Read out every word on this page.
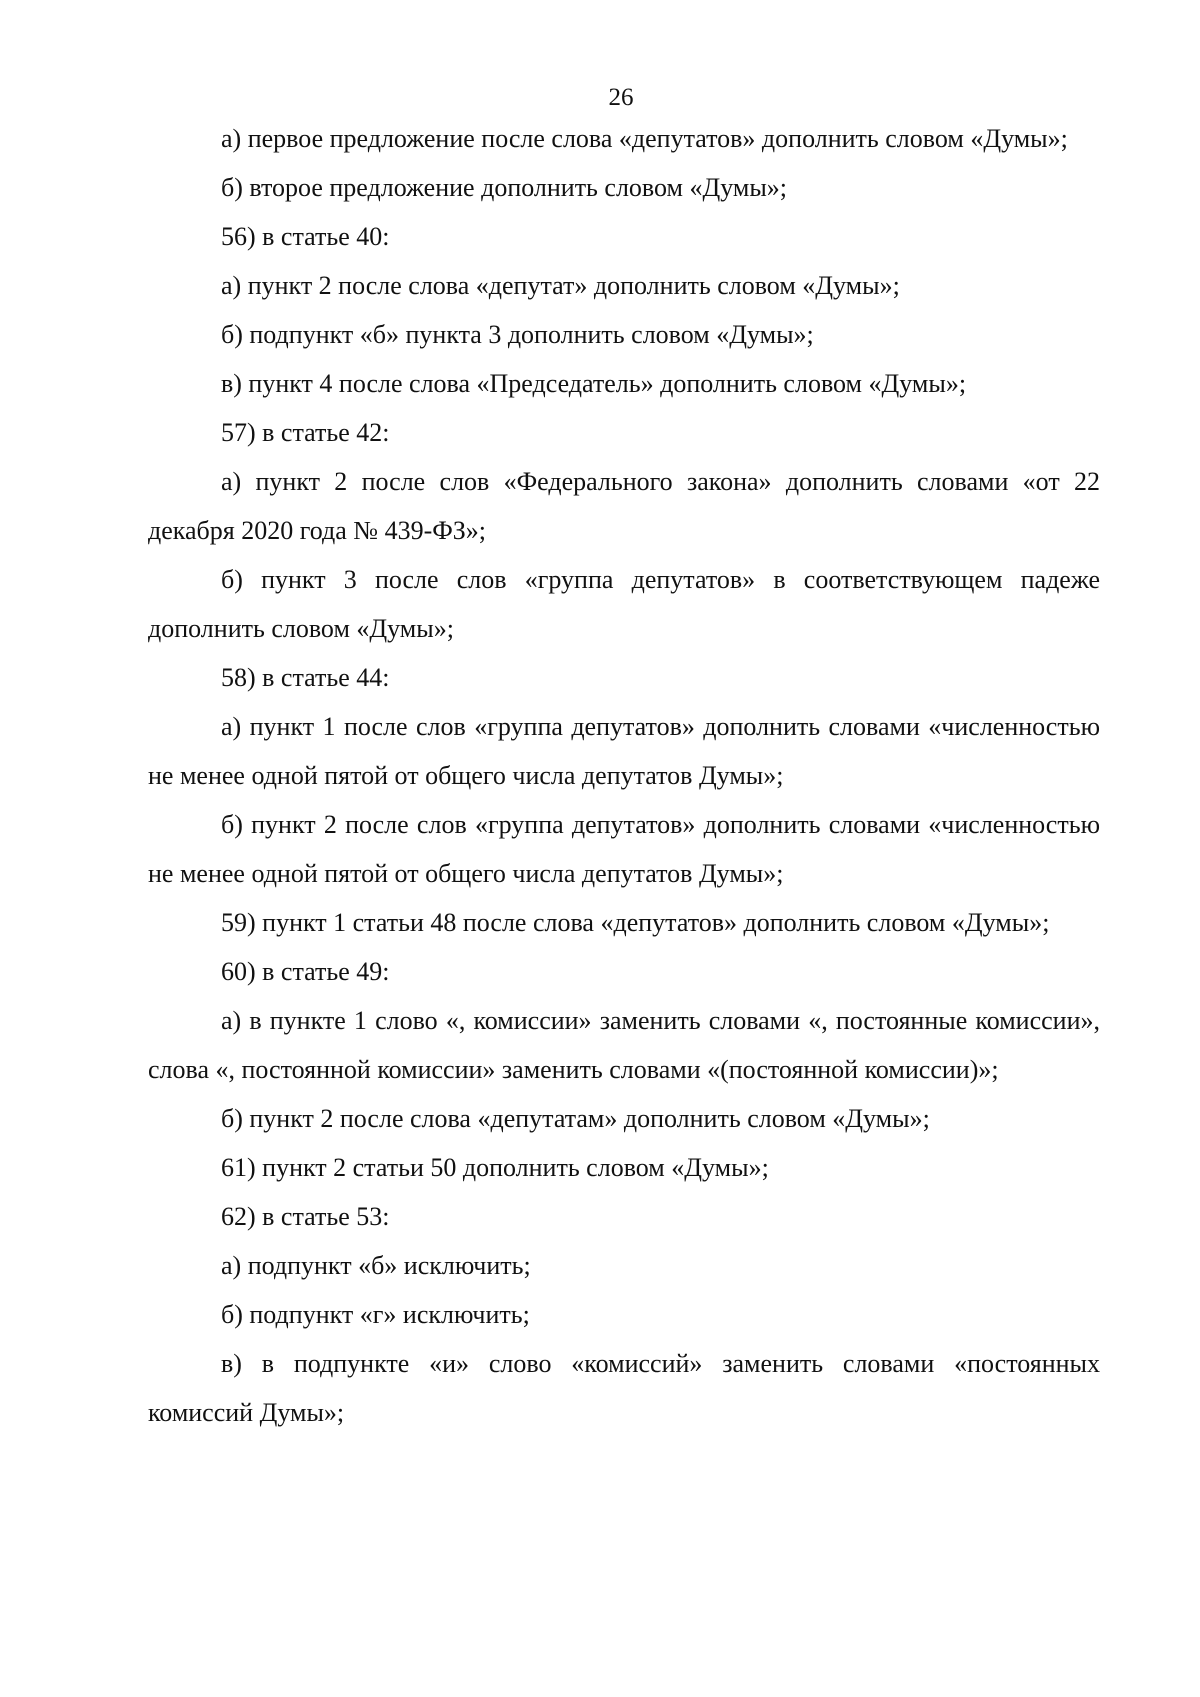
26

а) первое предложение после слова «депутатов» дополнить словом «Думы»;

б) второе предложение дополнить словом «Думы»;

56) в статье 40:

а) пункт 2 после слова «депутат» дополнить словом «Думы»;

б) подпункт «б» пункта 3 дополнить словом «Думы»;

в) пункт 4 после слова «Председатель» дополнить словом «Думы»;

57) в статье 42:

а) пункт 2 после слов «Федерального закона» дополнить словами «от 22 декабря 2020 года № 439-ФЗ»;

б) пункт 3 после слов «группа депутатов» в соответствующем падеже дополнить словом «Думы»;

58) в статье 44:

а) пункт 1 после слов «группа депутатов» дополнить словами «численностью не менее одной пятой от общего числа депутатов Думы»;

б) пункт 2 после слов «группа депутатов» дополнить словами «численностью не менее одной пятой от общего числа депутатов Думы»;

59) пункт 1 статьи 48 после слова «депутатов» дополнить словом «Думы»;

60) в статье 49:

а) в пункте 1 слово «, комиссии» заменить словами «, постоянные комиссии», слова «, постоянной комиссии» заменить словами «(постоянной комиссии)»;

б) пункт 2 после слова «депутатам» дополнить словом «Думы»;

61) пункт 2 статьи 50 дополнить словом «Думы»;

62) в статье 53:

а) подпункт «б» исключить;

б) подпункт «г» исключить;

в) в подпункте «и» слово «комиссий» заменить словами «постоянных комиссий Думы»;
